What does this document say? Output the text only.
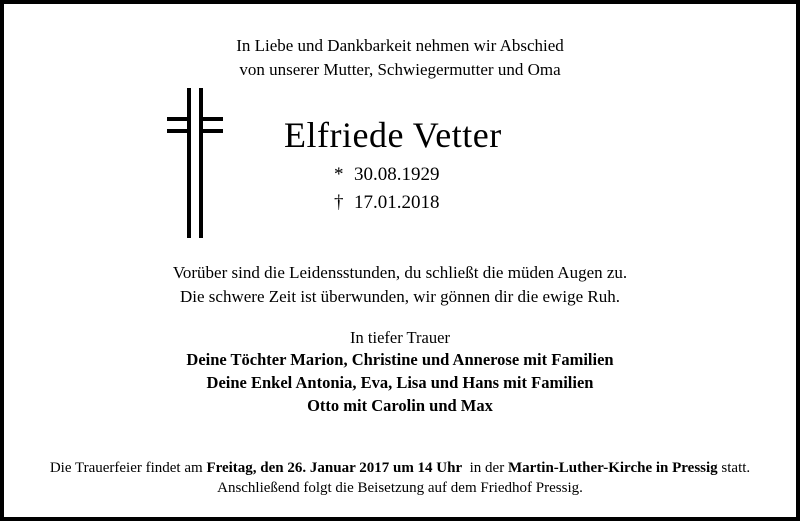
In Liebe und Dankbarkeit nehmen wir Abschied
von unserer Mutter, Schwiegermutter und Oma
Elfriede Vetter
* 30.08.1929
† 17.01.2018
Vorüber sind die Leidensstunden, du schließt die müden Augen zu.
Die schwere Zeit ist überwunden, wir gönnen dir die ewige Ruh.
In tiefer Trauer
Deine Töchter Marion, Christine und Annerose mit Familien
Deine Enkel Antonia, Eva, Lisa und Hans mit Familien
Otto mit Carolin und Max
Die Trauerfeier findet am Freitag, den 26. Januar 2017 um 14 Uhr  in der Martin-Luther-Kirche in Pressig statt.
Anschließend folgt die Beisetzung auf dem Friedhof Pressig.
